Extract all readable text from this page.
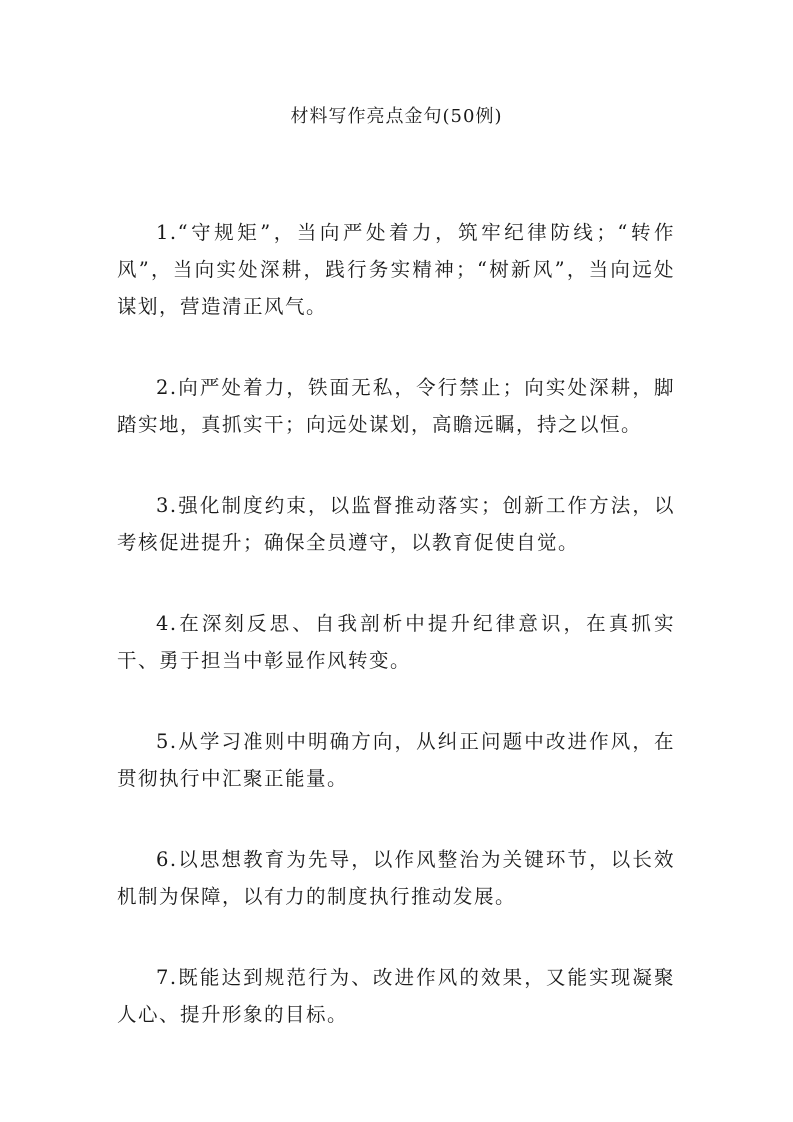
材料写作亮点金句(50例)

1.“守规矩”，当向严处着力，筑牢纪律防线；“转作风”，当向实处深耕，践行务实精神；“树新风”，当向远处谋划，营造清正风气。

2.向严处着力，铁面无私，令行禁止；向实处深耕，脚踏实地，真抓实干；向远处谋划，高瞻远瞩，持之以恒。

3.强化制度约束，以监督推动落实；创新工作方法，以考核促进提升；确保全员遵守，以教育促使自觉。

4.在深刻反思、自我剖析中提升纪律意识，在真抓实干、勇于担当中彰显作风转变。

5.从学习准则中明确方向，从纠正问题中改进作风，在贯彻执行中汇聚正能量。

6.以思想教育为先导，以作风整治为关键环节，以长效机制为保障，以有力的制度执行推动发展。

7.既能达到规范行为、改进作风的效果，又能实现凝聚人心、提升形象的目标。
